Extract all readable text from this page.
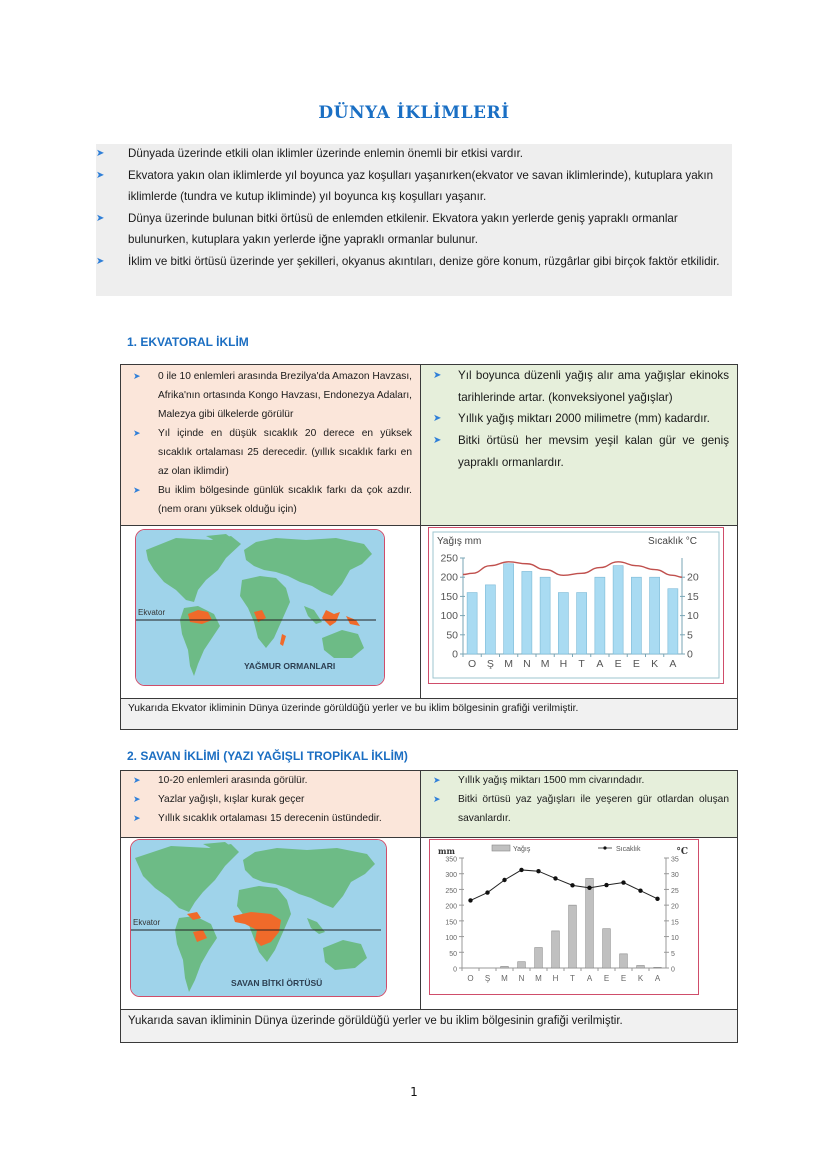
DÜNYA İKLİMLERİ
➤ Dünyada üzerinde etkili olan iklimler üzerinde enlemin önemli bir etkisi vardır.
➤ Ekvatora yakın olan iklimlerde yıl boyunca yaz koşulları yaşanırken(ekvator ve savan iklimlerinde), kutuplara yakın iklimlerde (tundra ve kutup ikliminde) yıl boyunca kış koşulları yaşanır.
➤ Dünya üzerinde bulunan bitki örtüsü de enlemden etkilenir. Ekvatora yakın yerlerde geniş yapraklı ormanlar bulunurken, kutuplara yakın yerlerde iğne yapraklı ormanlar bulunur.
➤ İklim ve bitki örtüsü üzerinde yer şekilleri, okyanus akıntıları, denize göre konum, rüzgârlar gibi birçok faktör etkilidir.
1. EKVATORAL İKLİM
➤ 0 ile 10 enlemleri arasında Brezilya'da Amazon Havzası, Afrika'nın ortasında Kongo Havzası, Endonezya Adaları, Malezya gibi ülkelerde görülür
➤ Yıl içinde en düşük sıcaklık 20 derece en yüksek sıcaklık ortalaması 25 derecedir. (yıllık sıcaklık farkı en az olan iklimdir)
➤ Bu iklim bölgesinde günlük sıcaklık farkı da çok azdır. (nem oranı yüksek olduğu için)
➤ Yıl boyunca düzenli yağış alır ama yağışlar ekinoks tarihlerinde artar. (konveksiyonel yağışlar)
➤ Yıllık yağış miktarı 2000 milimetre (mm) kadardır.
➤ Bitki örtüsü her mevsim yeşil kalan gür ve geniş yapraklı ormanlardır.
Ekvator
YAĞMUR ORMANLARI
Yağış mm	Sıcaklık °C
0
50
100
150
200
250
0
5
10
15
20
O Ş M N M H T A E E K A
Yukarıda Ekvator ikliminin Dünya üzerinde görüldüğü yerler ve bu iklim bölgesinin grafiği verilmiştir.
2. SAVAN İKLİMİ (YAZI YAĞIŞLI TROPİKAL İKLİM)
➤ 10-20 enlemleri arasında görülür.
➤ Yazlar yağışlı, kışlar kurak geçer
➤ Yıllık sıcaklık ortalaması 15 derecenin üstündedir.
➤ Yıllık yağış miktarı 1500 mm civarındadır.
➤ Bitki örtüsü yaz yağışları ile yeşeren gür otlardan oluşan savanlardır.
Ekvator
SAVAN BİTKİ ÖRTÜSÜ
mm	°C
Yağış	Sıcaklık
0
50
100
150
200
250
300
350
0
5
10
15
20
25
30
35
O Ş M N M H T A E E K A
Yukarıda savan ikliminin Dünya üzerinde görüldüğü yerler ve bu iklim bölgesinin grafiği verilmiştir.
1
